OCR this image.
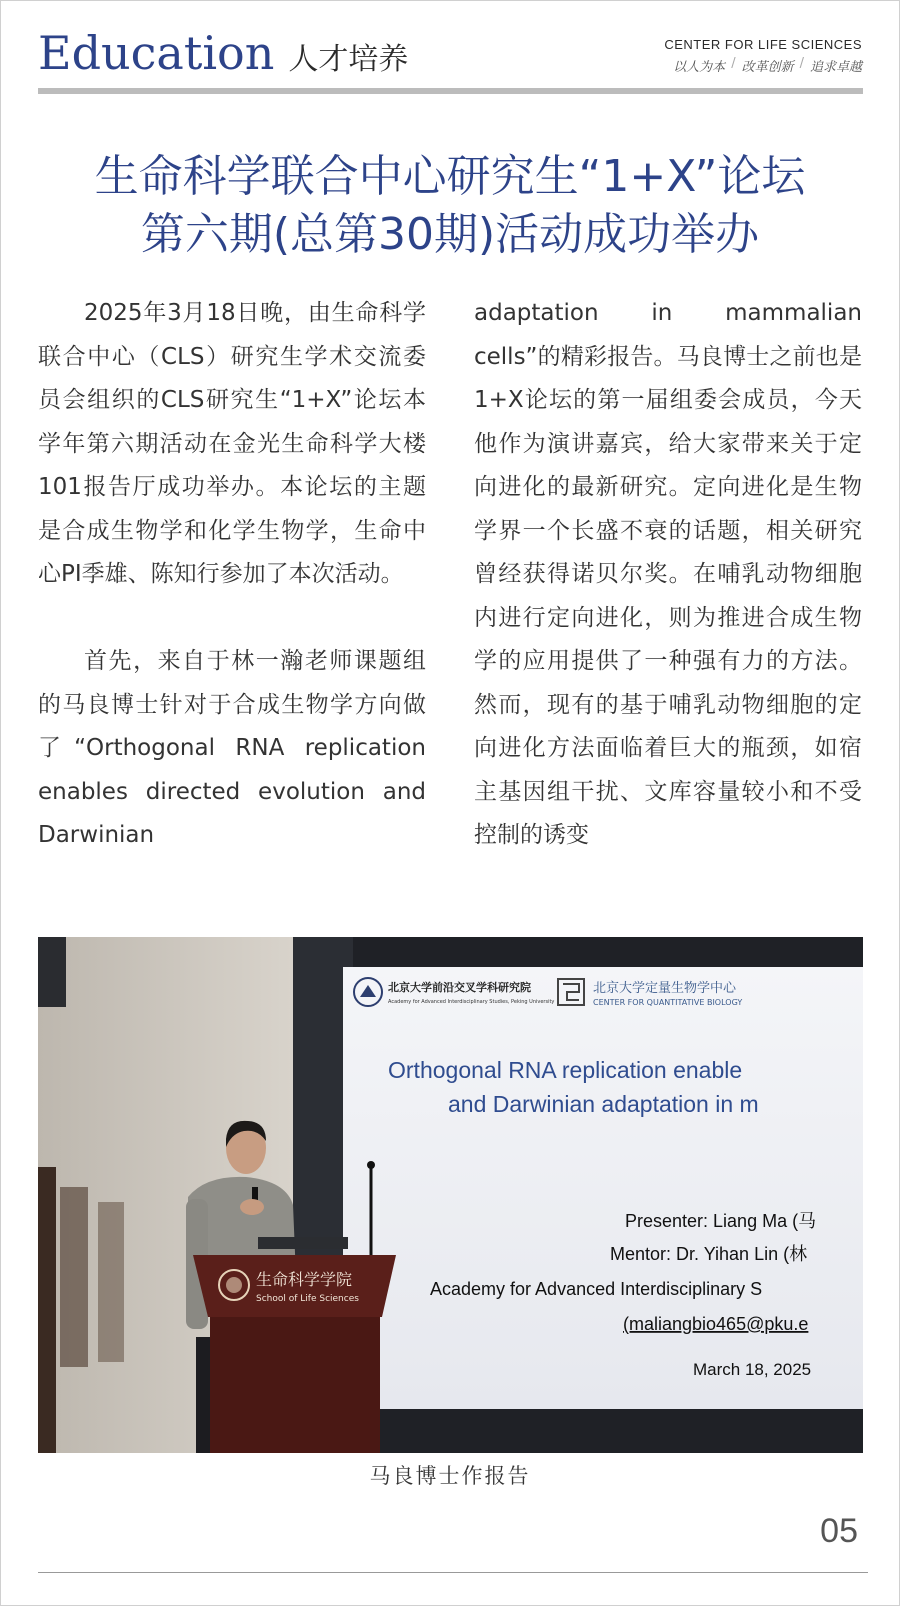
Education 人才培养	CENTER FOR LIFE SCIENCES
以人为本 / 改革创新 / 追求卓越
生命科学联合中心研究生“1+X”论坛
第六期(总第30期)活动成功举办

2025年3月18日晚，由生命科学联合中心（CLS）研究生学术交流委员会组织的CLS研究生“1+X”论坛本学年第六期活动在金光生命科学大楼101报告厅成功举办。本论坛的主题是合成生物学和化学生物学，生命中心PI季雄、陈知行参加了本次活动。

首先，来自于林一瀚老师课题组的马良博士针对于合成生物学方向做了“Orthogonal RNA replication enables directed evolution and Darwinian

adaptation in mammalian cells”的精彩报告。马良博士之前也是1+X论坛的第一届组委会成员，今天他作为演讲嘉宾，给大家带来关于定向进化的最新研究。定向进化是生物学界一个长盛不衰的话题，相关研究曾经获得诺贝尔奖。在哺乳动物细胞内进行定向进化，则为推进合成生物学的应用提供了一种强有力的方法。然而，现有的基于哺乳动物细胞的定向进化方法面临着巨大的瓶颈，如宿主基因组干扰、文库容量较小和不受控制的诱变

北京大学前沿交叉学科研究院
Academy for Advanced Interdisciplinary Studies, Peking University
北京大学定量生物学中心
CENTER FOR QUANTITATIVE BIOLOGY
Orthogonal RNA replication enable
and Darwinian adaptation in m
Presenter: Liang Ma (马
Mentor: Dr. Yihan Lin (林
Academy for Advanced Interdisciplinary S
(maliangbio465@pku.e
March 18, 2025
生命科学学院
School of Life Sciences
马良博士作报告
05
